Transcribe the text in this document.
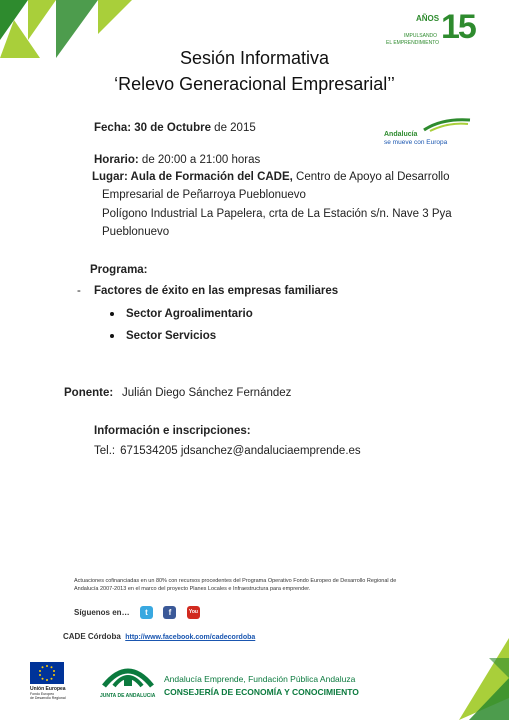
AÑOS 15
IMPULSANDO
EL EMPRENDIMIENTO
Sesión Informativa
‘Relevo Generacional Empresarial’’
Andalucía
se mueve con Europa
Fecha: 30 de Octubre de 2015
Horario: de 20:00 a 21:00 horas
Lugar: Aula de Formación del CADE, Centro de Apoyo al Desarrollo
Empresarial de Peñarroya Pueblonuevo
Polígono Industrial La Papelera, crta de La Estación s/n. Nave 3 Pya
Pueblonuevo
Programa:
- Factores de éxito en las empresas familiares
Sector Agroalimentario
Sector Servicios
Ponente: Julián Diego Sánchez Fernández
Información e inscripciones:
Tel.: 671534205 jdsanchez@andaluciaemprende.es
Actuaciones cofinanciadas en un 80% con recursos procedentes del Programa Operativo Fondo Europeo de Desarrollo Regional de
Andalucía 2007-2013 en el marco del proyecto Planes Locales e Infraestructura para emprender.
Síguenos en… t	f	You
CADE Córdoba http://www.facebook.com/cadecordoba
Unión Europea
Fondo Europeo
de Desarrollo Regional	JUNTA DE ANDALUCIA
Andalucía Emprende, Fundación Pública Andaluza
CONSEJERÍA DE ECONOMÍA Y CONOCIMIENTO
